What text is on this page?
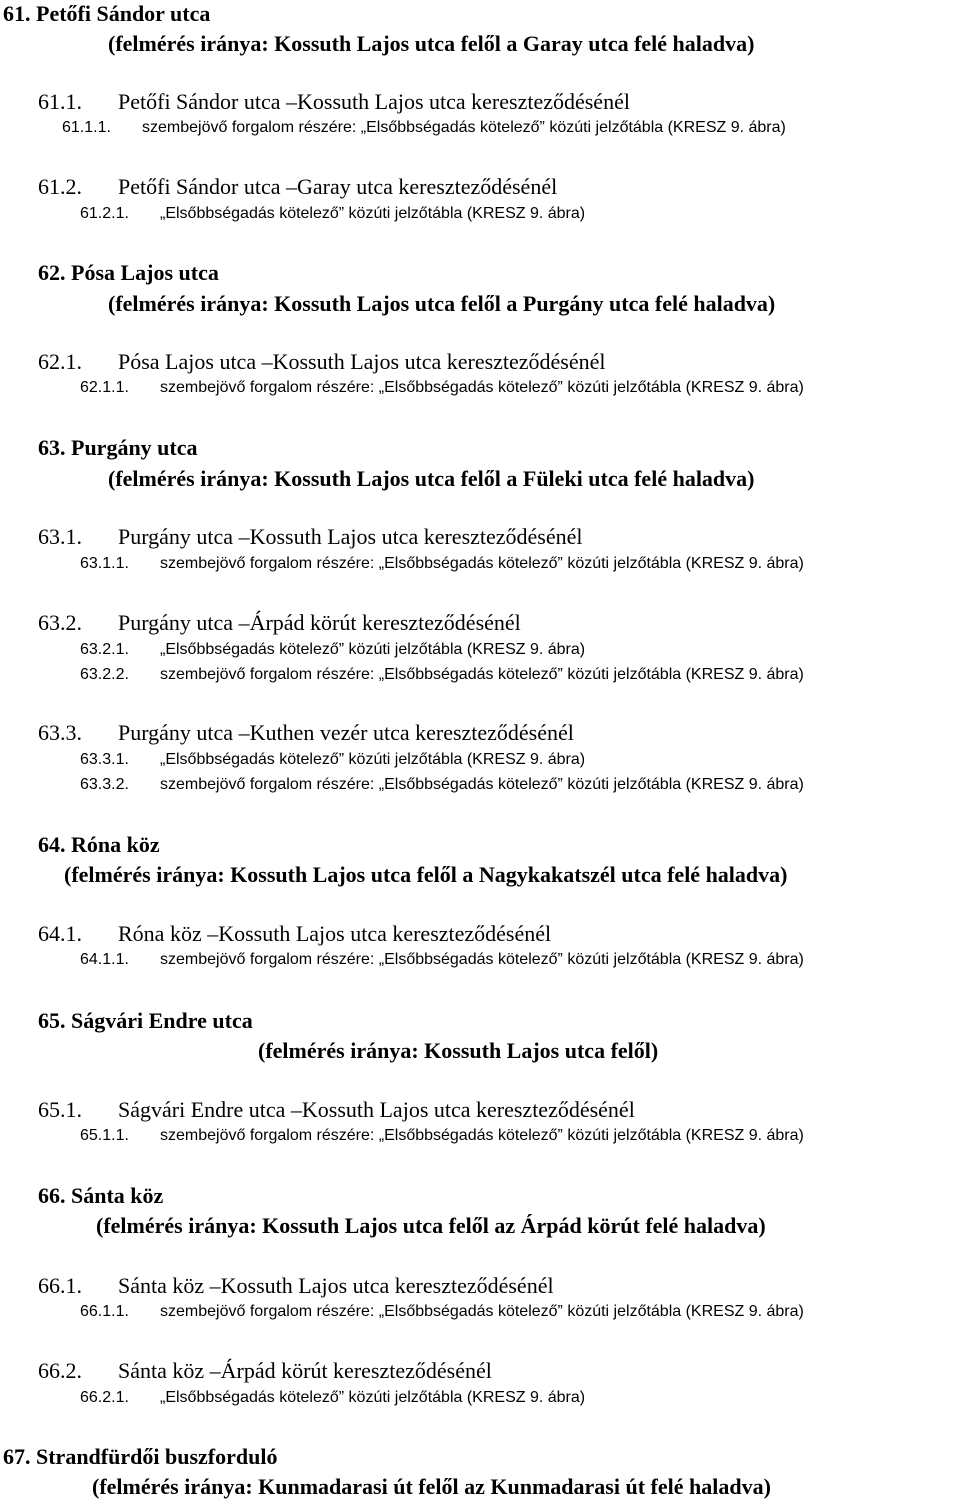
61. Petőfi Sándor utca
(felmérés iránya: Kossuth Lajos utca felől a Garay utca felé haladva)
61.1. Petőfi Sándor utca –Kossuth Lajos utca kereszteződésénél
61.1.1. szembejövő forgalom részére: „Elsőbbségadás kötelező” közúti jelzőtábla (KRESZ 9. ábra)
61.2. Petőfi Sándor utca –Garay utca kereszteződésénél
61.2.1. „Elsőbbségadás kötelező” közúti jelzőtábla (KRESZ 9. ábra)
62. Pósa Lajos utca
(felmérés iránya: Kossuth Lajos utca felől a Purgány utca felé haladva)
62.1. Pósa Lajos utca –Kossuth Lajos utca kereszteződésénél
62.1.1. szembejövő forgalom részére: „Elsőbbségadás kötelező” közúti jelzőtábla (KRESZ 9. ábra)
63. Purgány utca
(felmérés iránya: Kossuth Lajos utca felől a Füleki utca felé haladva)
63.1. Purgány utca –Kossuth Lajos utca kereszteződésénél
63.1.1. szembejövő forgalom részére: „Elsőbbségadás kötelező” közúti jelzőtábla (KRESZ 9. ábra)
63.2. Purgány utca –Árpád körút kereszteződésénél
63.2.1. „Elsőbbségadás kötelező” közúti jelzőtábla (KRESZ 9. ábra)
63.2.2. szembejövő forgalom részére: „Elsőbbségadás kötelező” közúti jelzőtábla (KRESZ 9. ábra)
63.3. Purgány utca –Kuthen vezér utca kereszteződésénél
63.3.1. „Elsőbbségadás kötelező” közúti jelzőtábla (KRESZ 9. ábra)
63.3.2. szembejövő forgalom részére: „Elsőbbségadás kötelező” közúti jelzőtábla (KRESZ 9. ábra)
64. Róna köz
(felmérés iránya: Kossuth Lajos utca felől a Nagykakatszél utca felé haladva)
64.1. Róna köz –Kossuth Lajos utca kereszteződésénél
64.1.1. szembejövő forgalom részére: „Elsőbbségadás kötelező” közúti jelzőtábla (KRESZ 9. ábra)
65. Ságvári Endre utca
(felmérés iránya: Kossuth Lajos utca felől)
65.1. Ságvári Endre utca –Kossuth Lajos utca kereszteződésénél
65.1.1. szembejövő forgalom részére: „Elsőbbségadás kötelező” közúti jelzőtábla (KRESZ 9. ábra)
66. Sánta köz
(felmérés iránya: Kossuth Lajos utca felől az Árpád körút felé haladva)
66.1. Sánta köz –Kossuth Lajos utca kereszteződésénél
66.1.1. szembejövő forgalom részére: „Elsőbbségadás kötelező” közúti jelzőtábla (KRESZ 9. ábra)
66.2. Sánta köz –Árpád körút kereszteződésénél
66.2.1. „Elsőbbségadás kötelező” közúti jelzőtábla (KRESZ 9. ábra)
67. Strandfürdői buszforduló
(felmérés iránya: Kunmadarasi út felől az Kunmadarasi út felé haladva)
